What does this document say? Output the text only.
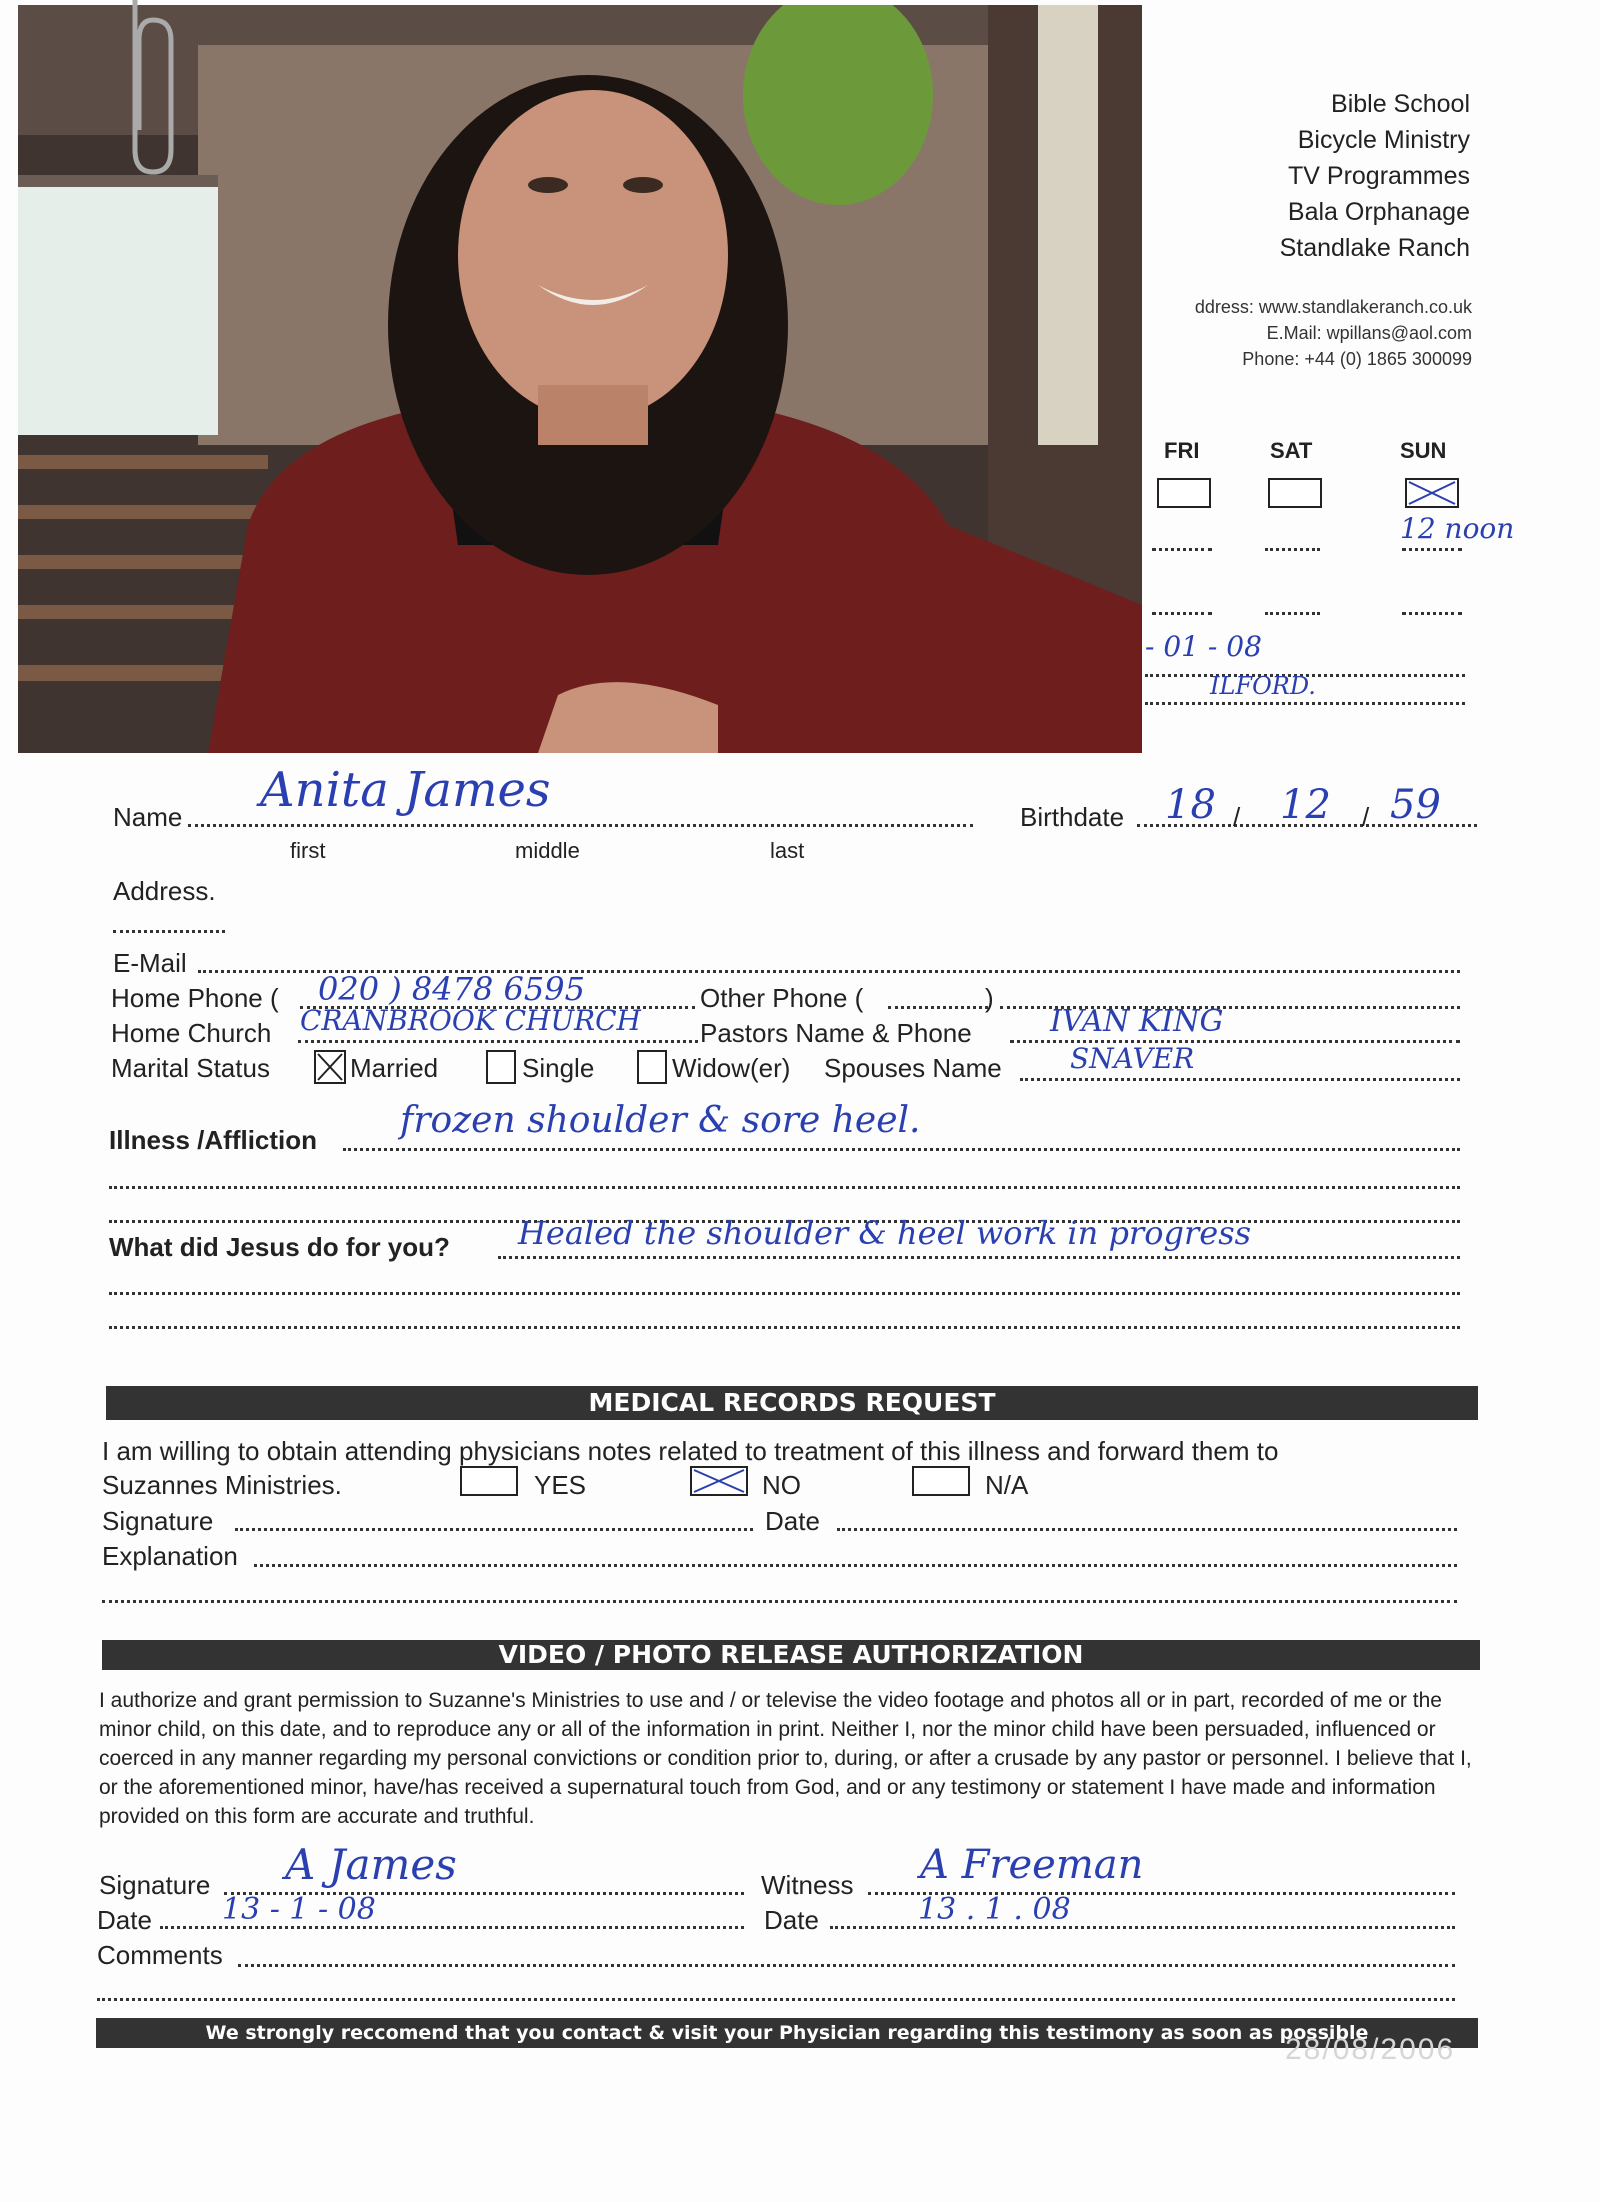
Bible School
Bicycle Ministry
TV Programmes
Bala Orphanage
Standlake Ranch
ddress: www.standlakeranch.co.uk
E.Mail: wpillans@aol.com
Phone: +44 (0) 1865 300099
FRI	SAT	SUN
12 noon
- 01 - 08
ILFORD.
Name Anita James
first	middle	last
Birthdate 18 / 12 / 59
Address.
E-Mail
Home Phone ( 020 ) 8478 6595	Other Phone (	)
Home Church CRANBROOK CHURCH Pastors Name & Phone	IVAN KING
Marital Status	Married	Single	Widow(er) Spouses Name SNAVER
Illness /Affliction frozen shoulder & sore heel.
What did Jesus do for you? Healed the shoulder & heel work in progress
MEDICAL RECORDS REQUEST
I am willing to obtain attending physicians notes related to treatment of this illness and forward them to
Suzannes Ministries.	YES	NO	N/A
Signature	Date
Explanation
VIDEO / PHOTO RELEASE AUTHORIZATION
I authorize and grant permission to Suzanne's Ministries to use and / or televise the video footage and photos all or in part, recorded of me or the minor child, on this date, and to reproduce any or all of the information in print. Neither I, nor the minor child have been persuaded, influenced or coerced in any manner regarding my personal convictions or condition prior to, during, or after a crusade by any pastor or personnel. I believe that I, or the aforementioned minor, have/has received a supernatural touch from God, and or any testimony or statement I have made and information provided on this form are accurate and truthful.
Signature A James	Witness A Freeman
Date 13 - 1 - 08	Date	13 . 1 . 08
Comments
We strongly reccomend that you contact & visit your Physician regarding this testimony as soon as possible
28/08/2006
